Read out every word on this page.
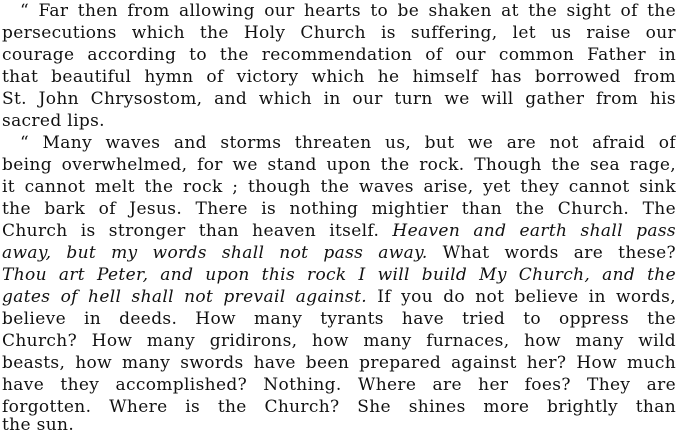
“ Far then from allowing our hearts to be shaken at the sight of the
persecutions which the Holy Church is suffering, let us raise our
courage according to the recommendation of our common Father in
that beautiful hymn of victory which he himself has borrowed from
St. John Chrysostom, and which in our turn we will gather from his
sacred lips.
“ Many waves and storms threaten us, but we are not afraid of
being overwhelmed, for we stand upon the rock. Though the sea rage,
it cannot melt the rock ; though the waves arise, yet they cannot sink
the bark of Jesus. There is nothing mightier than the Church. The
Church is stronger than heaven itself. Heaven and earth shall pass
away, but my words shall not pass away. What words are these?
Thou art Peter, and upon this rock I will build My Church, and the
gates of hell shall not prevail against. If you do not believe in words,
believe in deeds. How many tyrants have tried to oppress the
Church? How many gridirons, how many furnaces, how many wild
beasts, how many swords have been prepared against her? How much
have they accomplished? Nothing. Where are her foes? They are
forgotten. Where is the Church? She shines more brightly than
the sun.
